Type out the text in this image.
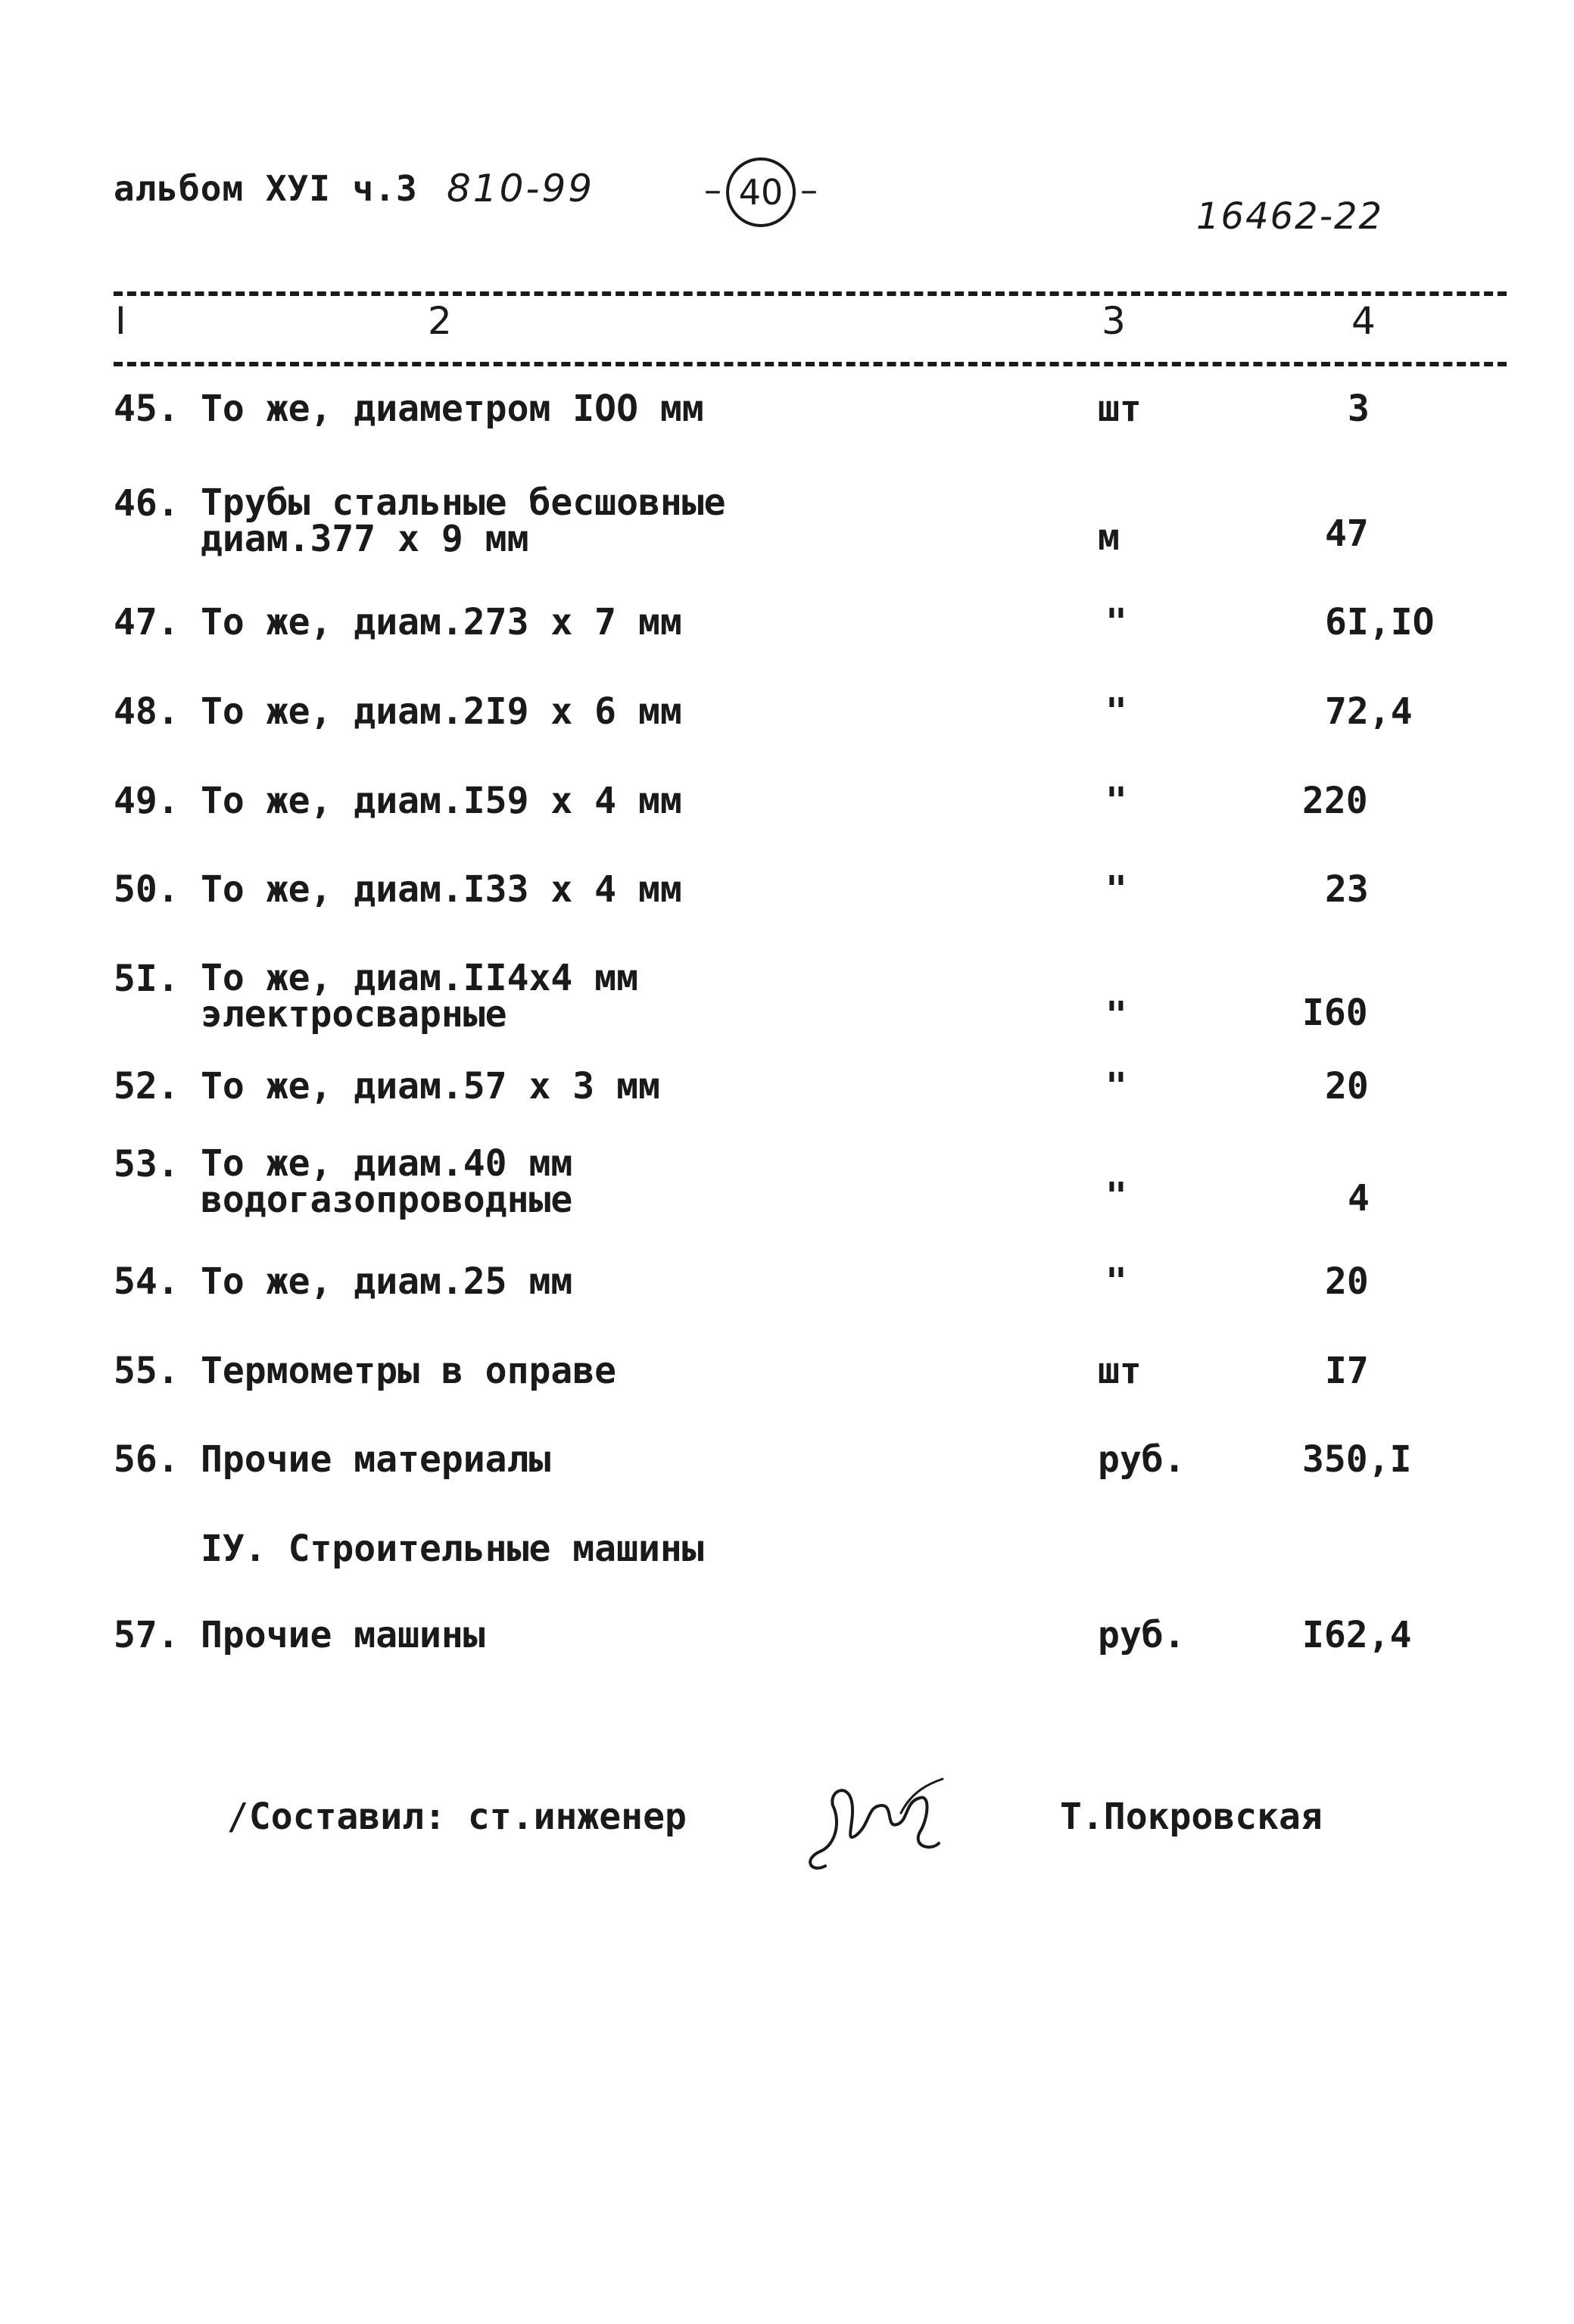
альбом ХУI ч.3 810-99	– 40 –
16462-22
I	2	3	4
45. То же, диаметром IOO мм	шт	3
46. Трубы стальные бесшовные
диам.377 х 9 мм	м	47
47. То же, диам.273 х 7 мм	"	6I,IO
48. То же, диам.2I9 х 6 мм	"	72,4
49. То же, диам.I59 х 4 мм	"	220
50. То же, диам.I33 х 4 мм	"	23
5I. То же, диам.II4х4 мм
электросварные	"	I60
52. То же, диам.57 х 3 мм	"	20
53. То же, диам.40 мм
водогазопроводные	"	4
54. То же, диам.25 мм	"	20
55. Термометры в оправе	шт	I7
56. Прочие материалы	руб.	350,I
IУ. Строительные машины
57. Прочие машины	руб.	I62,4
/Составил: ст.инженер	Т.Покровская
